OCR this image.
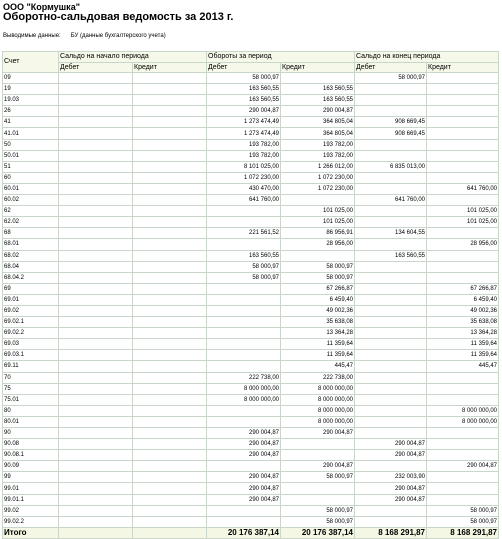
ООО "Кормушка"
Оборотно-сальдовая ведомость за 2013 г.
Выводимые данные: БУ (данные бухгалтерского учета)
Счет	Сальдо на начало периода		Обороты за период		Сальдо на конец периода	
	Дебет	Кредит	Дебет	Кредит	Дебет	Кредит
09			58 000,97		58 000,97	
19			163 560,55	163 560,55		
19.03			163 560,55	163 560,55		
26			290 004,87	290 004,87		
41			1 273 474,49	364 805,04	908 669,45	
41.01			1 273 474,49	364 805,04	908 669,45	
50			193 782,00	193 782,00		
50.01			193 782,00	193 782,00		
51			8 101 025,00	1 266 012,00	6 835 013,00	
60			1 072 230,00	1 072 230,00		
60.01			430 470,00	1 072 230,00		641 760,00
60.02			641 760,00		641 760,00	
62				101 025,00		101 025,00
62.02				101 025,00		101 025,00
68			221 561,52	86 956,91	134 604,55	
68.01				28 956,00		28 956,00
68.02			163 560,55		163 560,55	
68.04			58 000,97	58 000,97		
68.04.2			58 000,97	58 000,97		
69				67 266,87		67 266,87
69.01				6 459,40		6 459,40
69.02				49 002,36		49 002,36
69.02.1				35 638,08		35 638,08
69.02.2				13 364,28		13 364,28
69.03				11 359,64		11 359,64
69.03.1				11 359,64		11 359,64
69.11				445,47		445,47
70			222 738,00	222 738,00		
75			8 000 000,00	8 000 000,00		
75.01			8 000 000,00	8 000 000,00		
80				8 000 000,00		8 000 000,00
80.01				8 000 000,00		8 000 000,00
90			290 004,87	290 004,87		
90.08			290 004,87		290 004,87	
90.08.1			290 004,87		290 004,87	
90.09				290 004,87		290 004,87
99			290 004,87	58 000,97	232 003,90	
99.01			290 004,87		290 004,87	
99.01.1			290 004,87		290 004,87	
99.02				58 000,97		58 000,97
99.02.2				58 000,97		58 000,97
Итого			20 176 387,14	20 176 387,14	8 168 291,87	8 168 291,87
